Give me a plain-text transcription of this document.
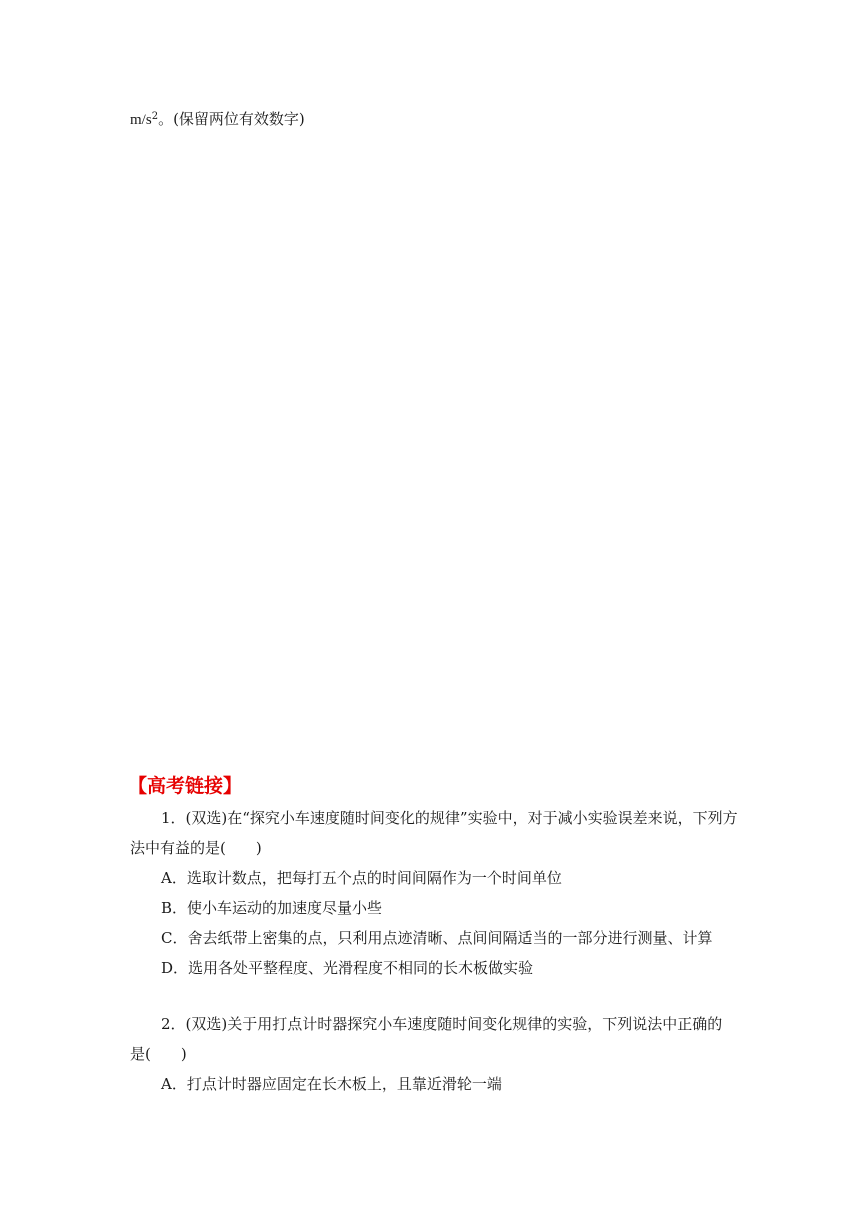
$m/s^2$。(保留两位有效数字)
【高考链接】
1．(双选)在“探究小车速度随时间变化的规律”实验中，对于减小实验误差来说，下列方
法中有益的是(　　)
A．选取计数点，把每打五个点的时间间隔作为一个时间单位
B．使小车运动的加速度尽量小些
C．舍去纸带上密集的点，只利用点迹清晰、点间间隔适当的一部分进行测量、计算
D．选用各处平整程度、光滑程度不相同的长木板做实验
2．(双选)关于用打点计时器探究小车速度随时间变化规律的实验，下列说法中正确的
是(　　)
A．打点计时器应固定在长木板上，且靠近滑轮一端
